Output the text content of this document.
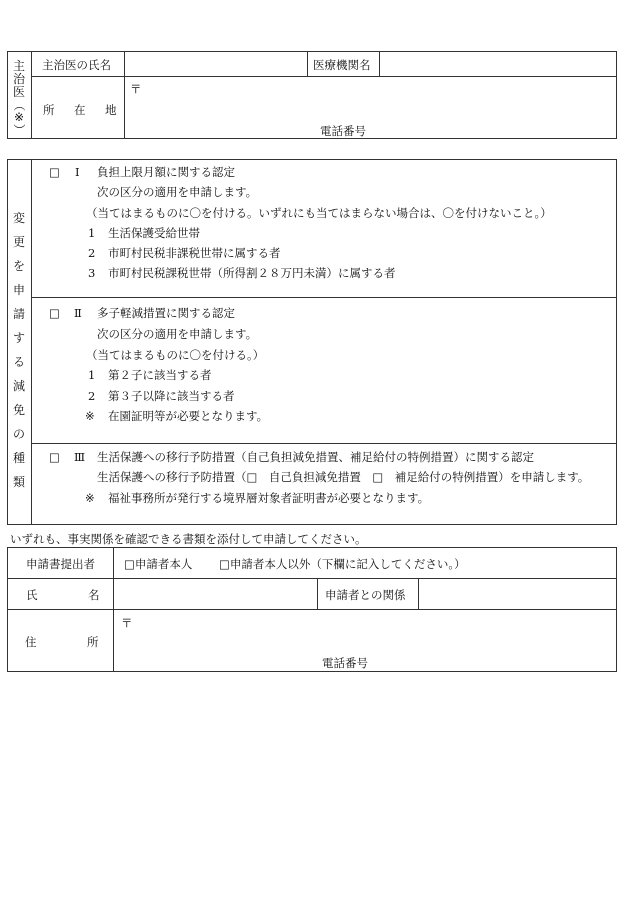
主
治
医
（
※
）
主治医の氏名	医療機関名
所　在　地
〒
電話番号
変
更
を
申
請
す
る
減
免
の
種
類
□ Ⅰ 負担上限月額に関する認定
次の区分の適用を申請します。
（当てはまるものに〇を付ける。いずれにも当てはまらない場合は、〇を付けないこと。）
1 生活保護受給世帯
2 市町村民税非課税世帯に属する者
3 市町村民税課税世帯（所得割２８万円未満）に属する者
□ Ⅱ 多子軽減措置に関する認定
次の区分の適用を申請します。
（当てはまるものに〇を付ける。）
1 第２子に該当する者
2 第３子以降に該当する者
※ 在園証明等が必要となります。
□ Ⅲ 生活保護への移行予防措置（自己負担減免措置、補足給付の特例措置）に関する認定
生活保護への移行予防措置（□　自己負担減免措置　□　補足給付の特例措置）を申請します。
※ 福祉事務所が発行する境界層対象者証明書が必要となります。
いずれも、事実関係を確認できる書類を添付して申請してください。
申請書提出者	□申請者本人 □申請者本人以外（下欄に記入してください。）
氏　　　名	申請者との関係
住　　　所
〒
電話番号
